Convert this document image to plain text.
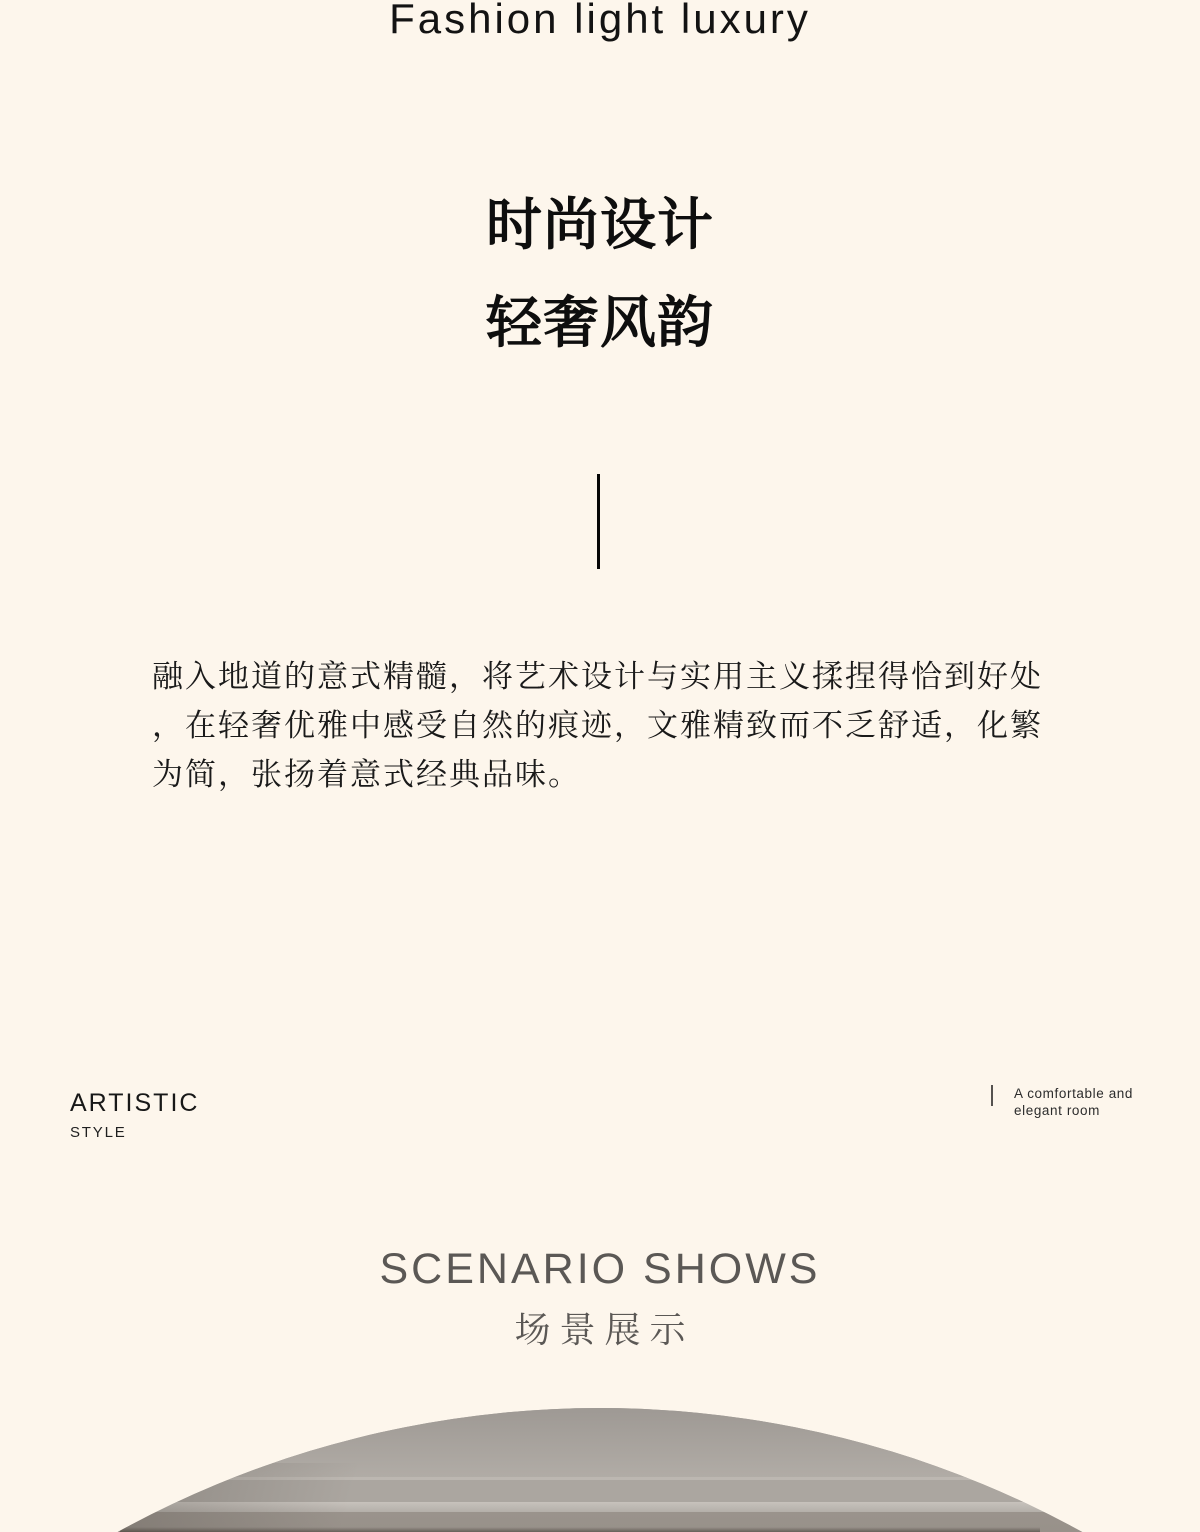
Fashion light luxury
时尚设计
轻奢风韵
融入地道的意式精髓，将艺术设计与实用主义揉捏得恰到好处
，在轻奢优雅中感受自然的痕迹，文雅精致而不乏舒适，化繁
为简，张扬着意式经典品味。
ARTISTIC
STYLE
A comfortable and
elegant room
SCENARIO SHOWS
场景展示
